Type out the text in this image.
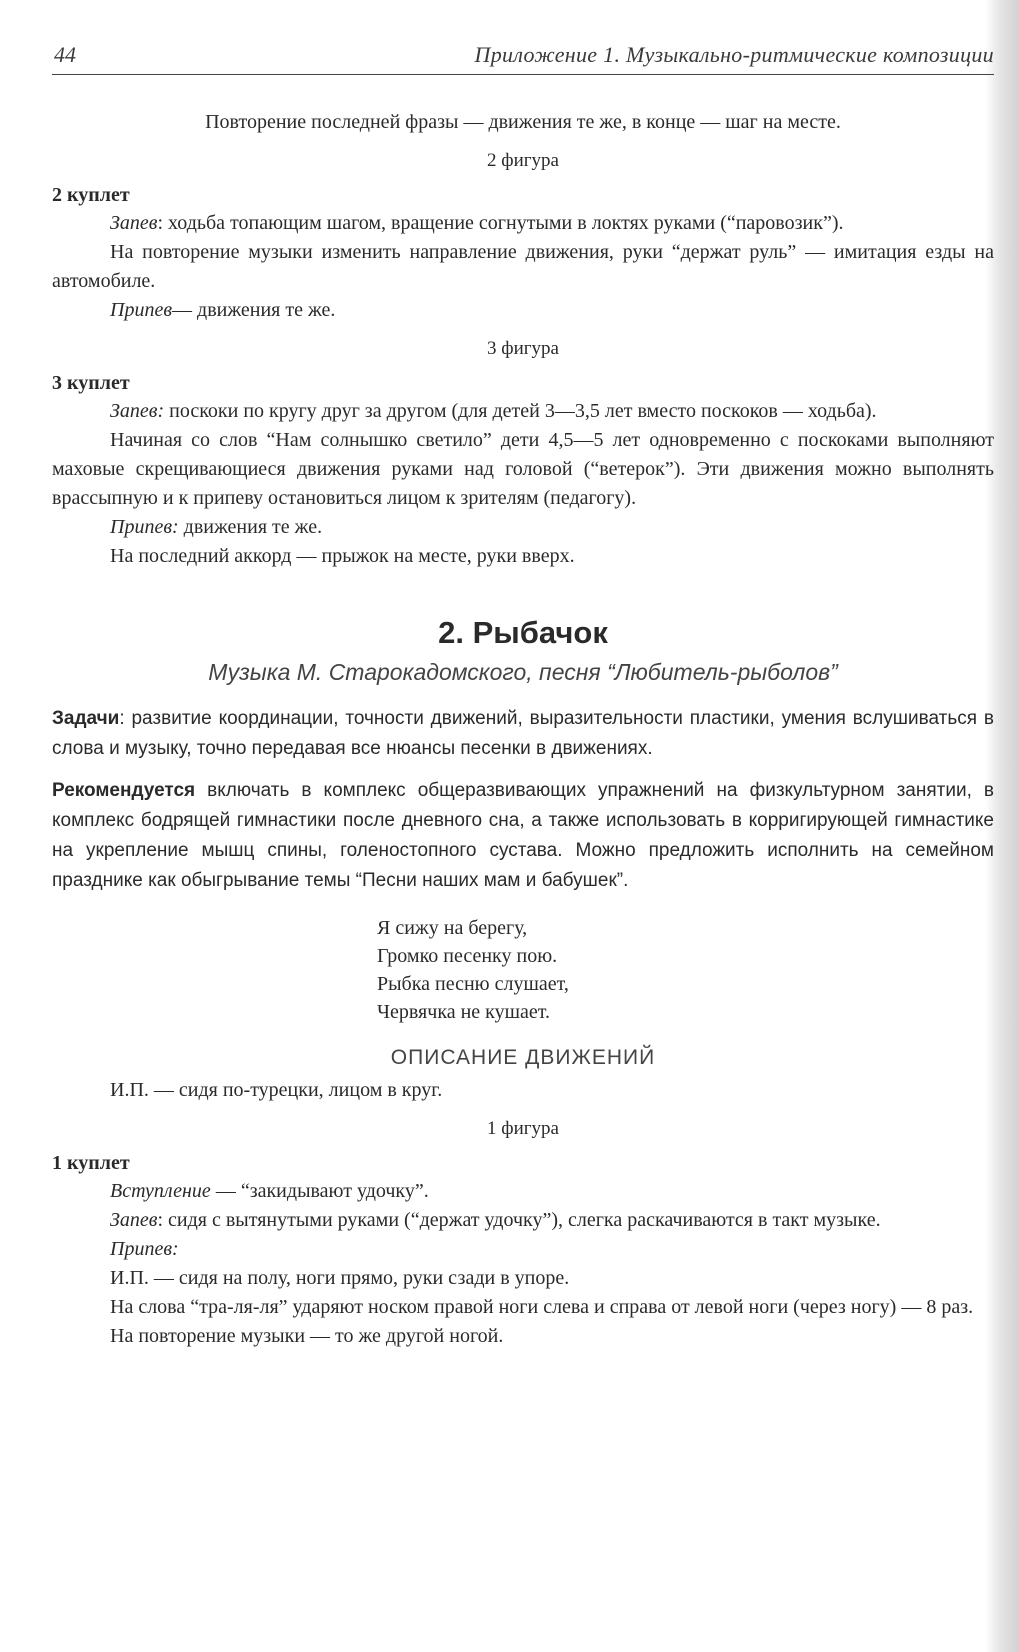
44	Приложение 1. Музыкально-ритмические композиции

Повторение последней фразы — движения те же, в конце — шаг на месте.

2 фигура

2 куплет

Запев: ходьба топающим шагом, вращение согнутыми в локтях руками (“паровозик”).

На повторение музыки изменить направление движения, руки “держат руль” — имитация езды на автомобиле.

Припев— движения те же.

3 фигура

3 куплет

Запев: поскоки по кругу друг за другом (для детей 3—3,5 лет вместо поскоков — ходьба).

Начиная со слов “Нам солнышко светило” дети 4,5—5 лет одновременно с поскоками выполняют маховые скрещивающиеся движения руками над головой (“ветерок”). Эти движения можно выполнять врассыпную и к припеву остановиться лицом к зрителям (педагогу).

Припев: движения те же.

На последний аккорд — прыжок на месте, руки вверх.

2. Рыбачок
Музыка М. Старокадомского, песня “Любитель-рыболов”

Задачи: развитие координации, точности движений, выразительности пластики, умения вслушиваться в слова и музыку, точно передавая все нюансы песенки в движениях.

Рекомендуется включать в комплекс общеразвивающих упражнений на физкультурном занятии, в комплекс бодрящей гимнастики после дневного сна, а также использовать в корригирующей гимнастике на укрепление мышц спины, голеностопного сустава. Можно предложить исполнить на семейном празднике как обыгрывание темы “Песни наших мам и бабушек”.

Я сижу на берегу,
Громко песенку пою.
Рыбка песню слушает,
Червячка не кушает.
ОПИСАНИЕ ДВИЖЕНИЙ

И.П. — сидя по-турецки, лицом в круг.

1 фигура

1 куплет

Вступление — “закидывают удочку”.

Запев: сидя с вытянутыми руками (“держат удочку”), слегка раскачиваются в такт музыке.

Припев:

И.П. — сидя на полу, ноги прямо, руки сзади в упоре.

На слова “тра-ля-ля” ударяют носком правой ноги слева и справа от левой ноги (через ногу) — 8 раз.

На повторение музыки — то же другой ногой.
